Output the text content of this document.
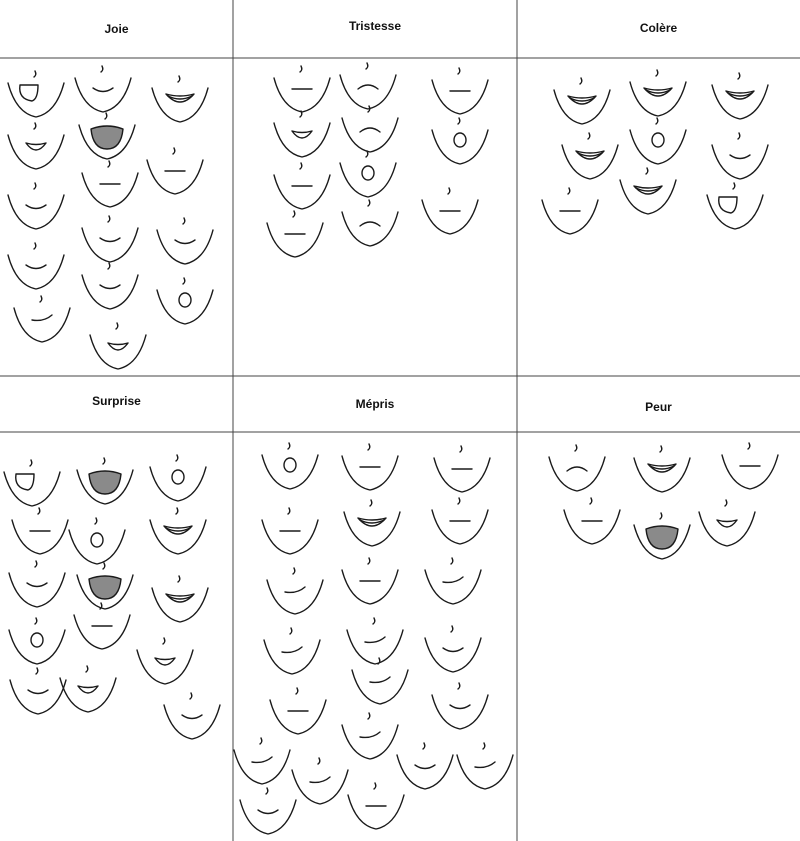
Joie	Tristesse	Colère
Surprise	Mépris	Peur
